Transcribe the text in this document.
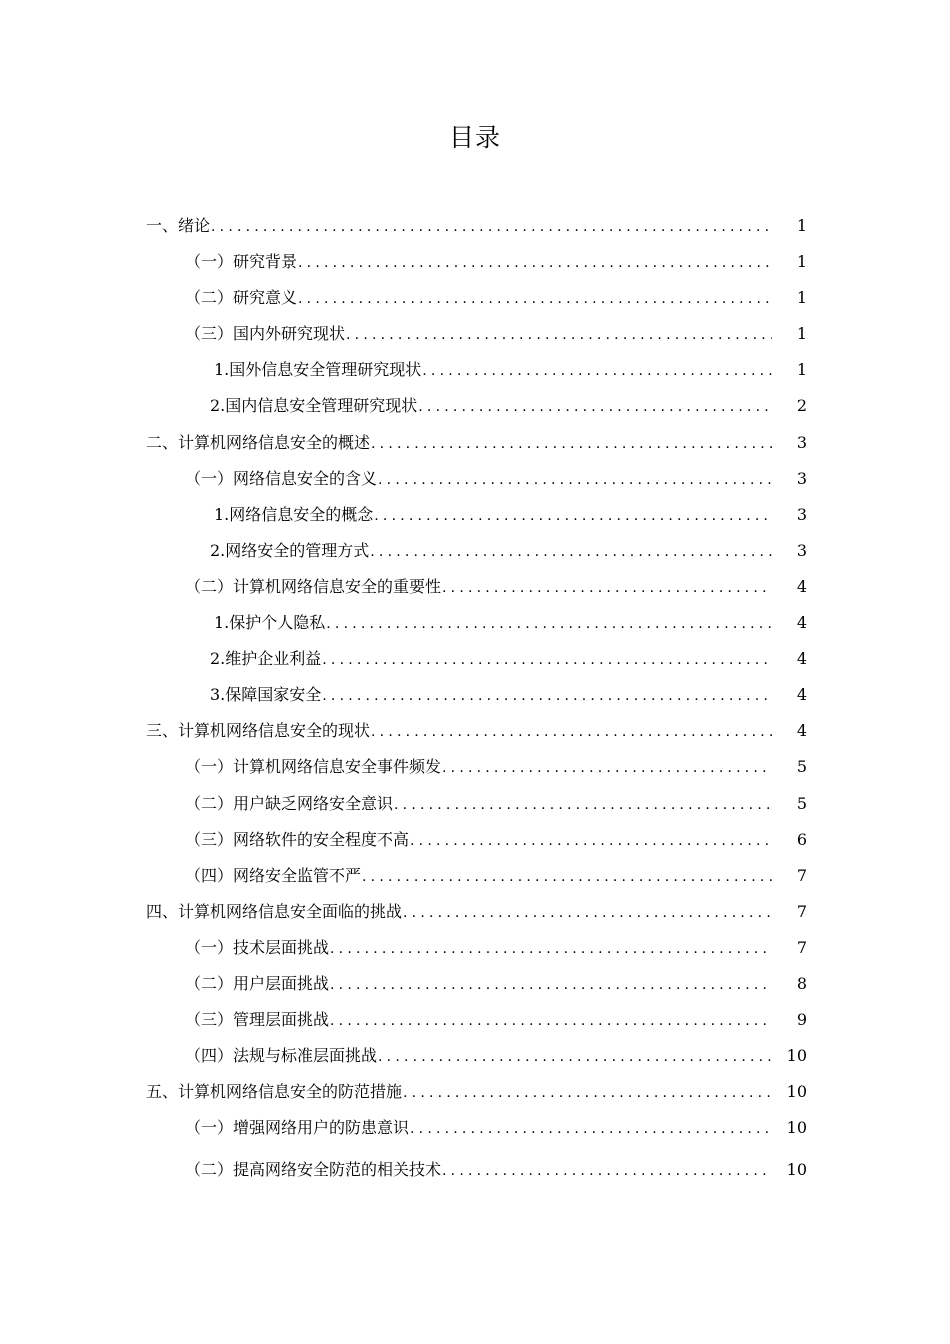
目录
一、绪论 .....	1
（一）研究背景 .....	1
（二）研究意义 .....	1
（三）国内外研究现状 .....	1
1.国外信息安全管理研究现状 .....	1
2.国内信息安全管理研究现状 .....	2
二、计算机网络信息安全的概述 .....	3
（一）网络信息安全的含义 .....	3
1.网络信息安全的概念 .....	3
2.网络安全的管理方式 .....	3
（二）计算机网络信息安全的重要性 .....	4
1.保护个人隐私 .....	4
2.维护企业利益 .....	4
3.保障国家安全 .....	4
三、计算机网络信息安全的现状 .....	4
（一）计算机网络信息安全事件频发 .....	5
（二）用户缺乏网络安全意识 .....	5
（三）网络软件的安全程度不高 .....	6
（四）网络安全监管不严 .....	7
四、计算机网络信息安全面临的挑战 .....	7
（一）技术层面挑战 .....	7
（二）用户层面挑战 .....	8
（三）管理层面挑战 .....	9
（四）法规与标准层面挑战 .....	10
五、计算机网络信息安全的防范措施 .....	10
（一）增强网络用户的防患意识 .....	10
（二）提高网络安全防范的相关技术 .....	10
